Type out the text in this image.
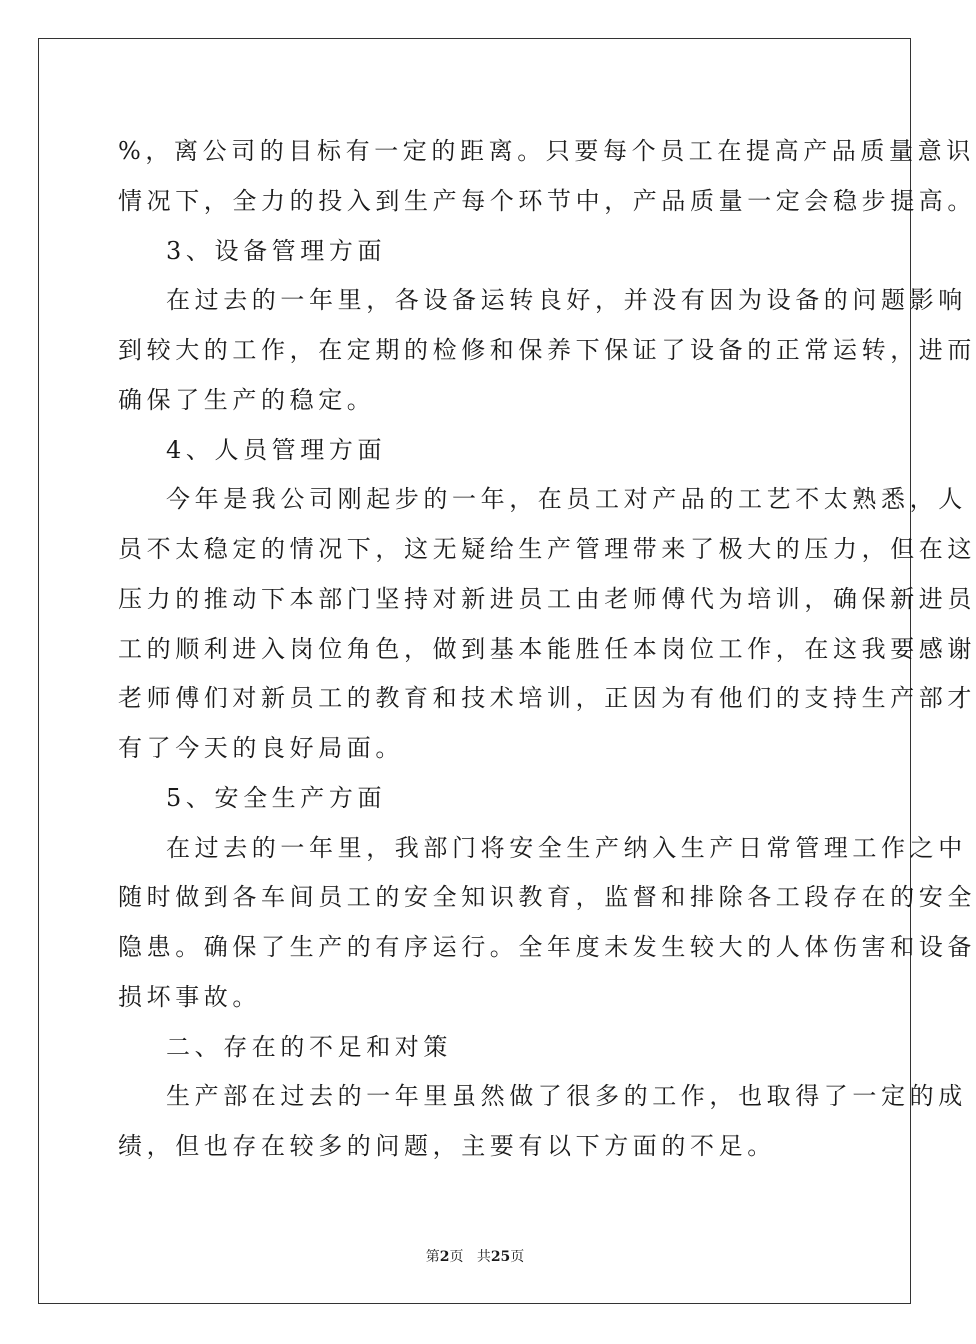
%，离公司的目标有一定的距离。只要每个员工在提高产品质量意识
情况下，全力的投入到生产每个环节中，产品质量一定会稳步提高。
3、设备管理方面
在过去的一年里，各设备运转良好，并没有因为设备的问题影响
到较大的工作，在定期的检修和保养下保证了设备的正常运转，进而
确保了生产的稳定。
4、人员管理方面
今年是我公司刚起步的一年，在员工对产品的工艺不太熟悉，人
员不太稳定的情况下，这无疑给生产管理带来了极大的压力，但在这
压力的推动下本部门坚持对新进员工由老师傅代为培训，确保新进员
工的顺利进入岗位角色，做到基本能胜任本岗位工作，在这我要感谢
老师傅们对新员工的教育和技术培训，正因为有他们的支持生产部才
有了今天的良好局面。
5、安全生产方面
在过去的一年里，我部门将安全生产纳入生产日常管理工作之中
随时做到各车间员工的安全知识教育，监督和排除各工段存在的安全
隐患。确保了生产的有序运行。全年度未发生较大的人体伤害和设备
损坏事故。
二、存在的不足和对策
生产部在过去的一年里虽然做了很多的工作，也取得了一定的成
绩，但也存在较多的问题，主要有以下方面的不足。
第2页 共25页
